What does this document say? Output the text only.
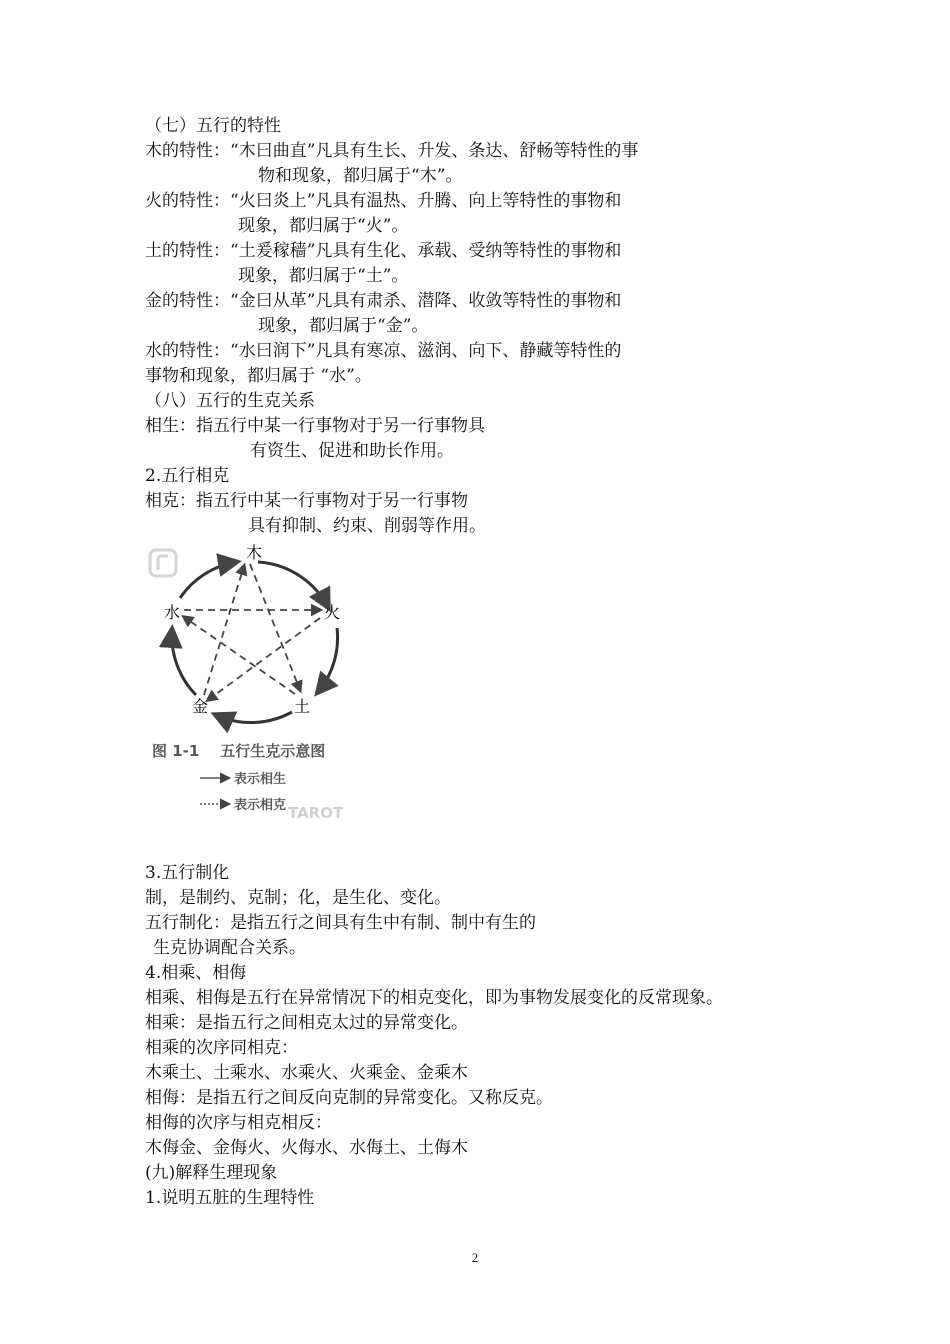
（七）五行的特性
木的特性：“木曰曲直”凡具有生长、升发、条达、舒畅等特性的事
物和现象，都归属于“木”。
火的特性：“火曰炎上”凡具有温热、升腾、向上等特性的事物和
现象，都归属于“火”。
土的特性：“土爰稼穑”凡具有生化、承载、受纳等特性的事物和
现象，都归属于“土”。
金的特性：“金曰从革”凡具有肃杀、潜降、收敛等特性的事物和
现象，都归属于“金”。
水的特性：“水曰润下”凡具有寒凉、滋润、向下、静藏等特性的
事物和现象，都归属于 “水”。
（八）五行的生克关系
相生：指五行中某一行事物对于另一行事物具
有资生、促进和助长作用。
2.五行相克
相克：指五行中某一行事物对于另一行事物
具有抑制、约束、削弱等作用。
木
火
土
金
水
图 1-1    五行生克示意图
表示相生
表示相克 TAROT
3.五行制化
制，是制约、克制；化，是生化、变化。
五行制化：是指五行之间具有生中有制、制中有生的
生克协调配合关系。
4.相乘、相侮
相乘、相侮是五行在异常情况下的相克变化，即为事物发展变化的反常现象。
相乘：是指五行之间相克太过的异常变化。
相乘的次序同相克：
木乘土、土乘水、水乘火、火乘金、金乘木
相侮：是指五行之间反向克制的异常变化。又称反克。
相侮的次序与相克相反：
木侮金、金侮火、火侮水、水侮土、土侮木
(九)解释生理现象
1.说明五脏的生理特性
2
